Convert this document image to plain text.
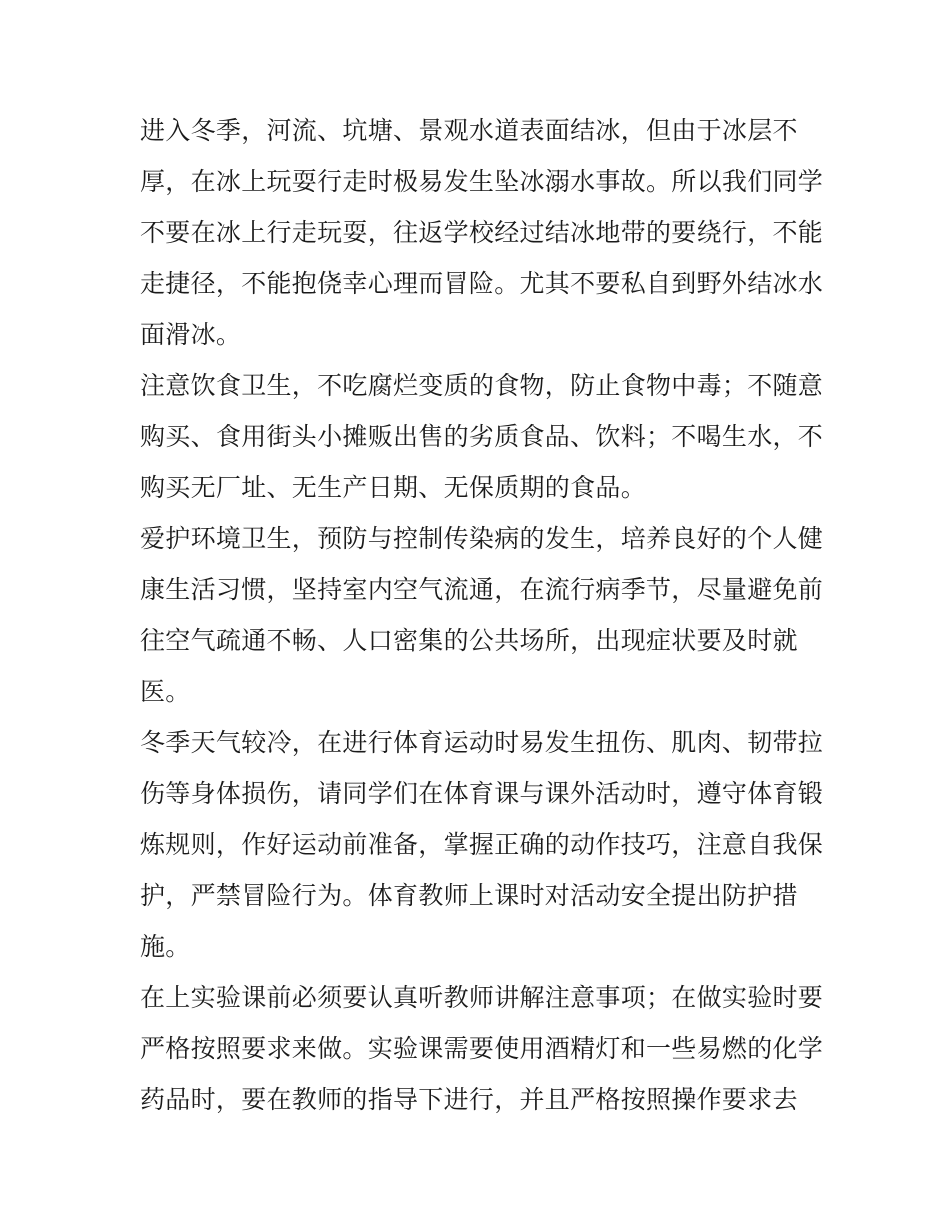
进入冬季，河流、坑塘、景观水道表面结冰，但由于冰层不
厚，在冰上玩耍行走时极易发生坠冰溺水事故。所以我们同学
不要在冰上行走玩耍，往返学校经过结冰地带的要绕行，不能
走捷径，不能抱侥幸心理而冒险。尤其不要私自到野外结冰水
面滑冰。
注意饮食卫生，不吃腐烂变质的食物，防止食物中毒；不随意
购买、食用街头小摊贩出售的劣质食品、饮料；不喝生水，不
购买无厂址、无生产日期、无保质期的食品。
爱护环境卫生，预防与控制传染病的发生，培养良好的个人健
康生活习惯，坚持室内空气流通，在流行病季节，尽量避免前
往空气疏通不畅、人口密集的公共场所，出现症状要及时就
医。
冬季天气较冷，在进行体育运动时易发生扭伤、肌肉、韧带拉
伤等身体损伤，请同学们在体育课与课外活动时，遵守体育锻
炼规则，作好运动前准备，掌握正确的动作技巧，注意自我保
护，严禁冒险行为。体育教师上课时对活动安全提出防护措
施。
在上实验课前必须要认真听教师讲解注意事项；在做实验时要
严格按照要求来做。实验课需要使用酒精灯和一些易燃的化学
药品时，要在教师的指导下进行，并且严格按照操作要求去
